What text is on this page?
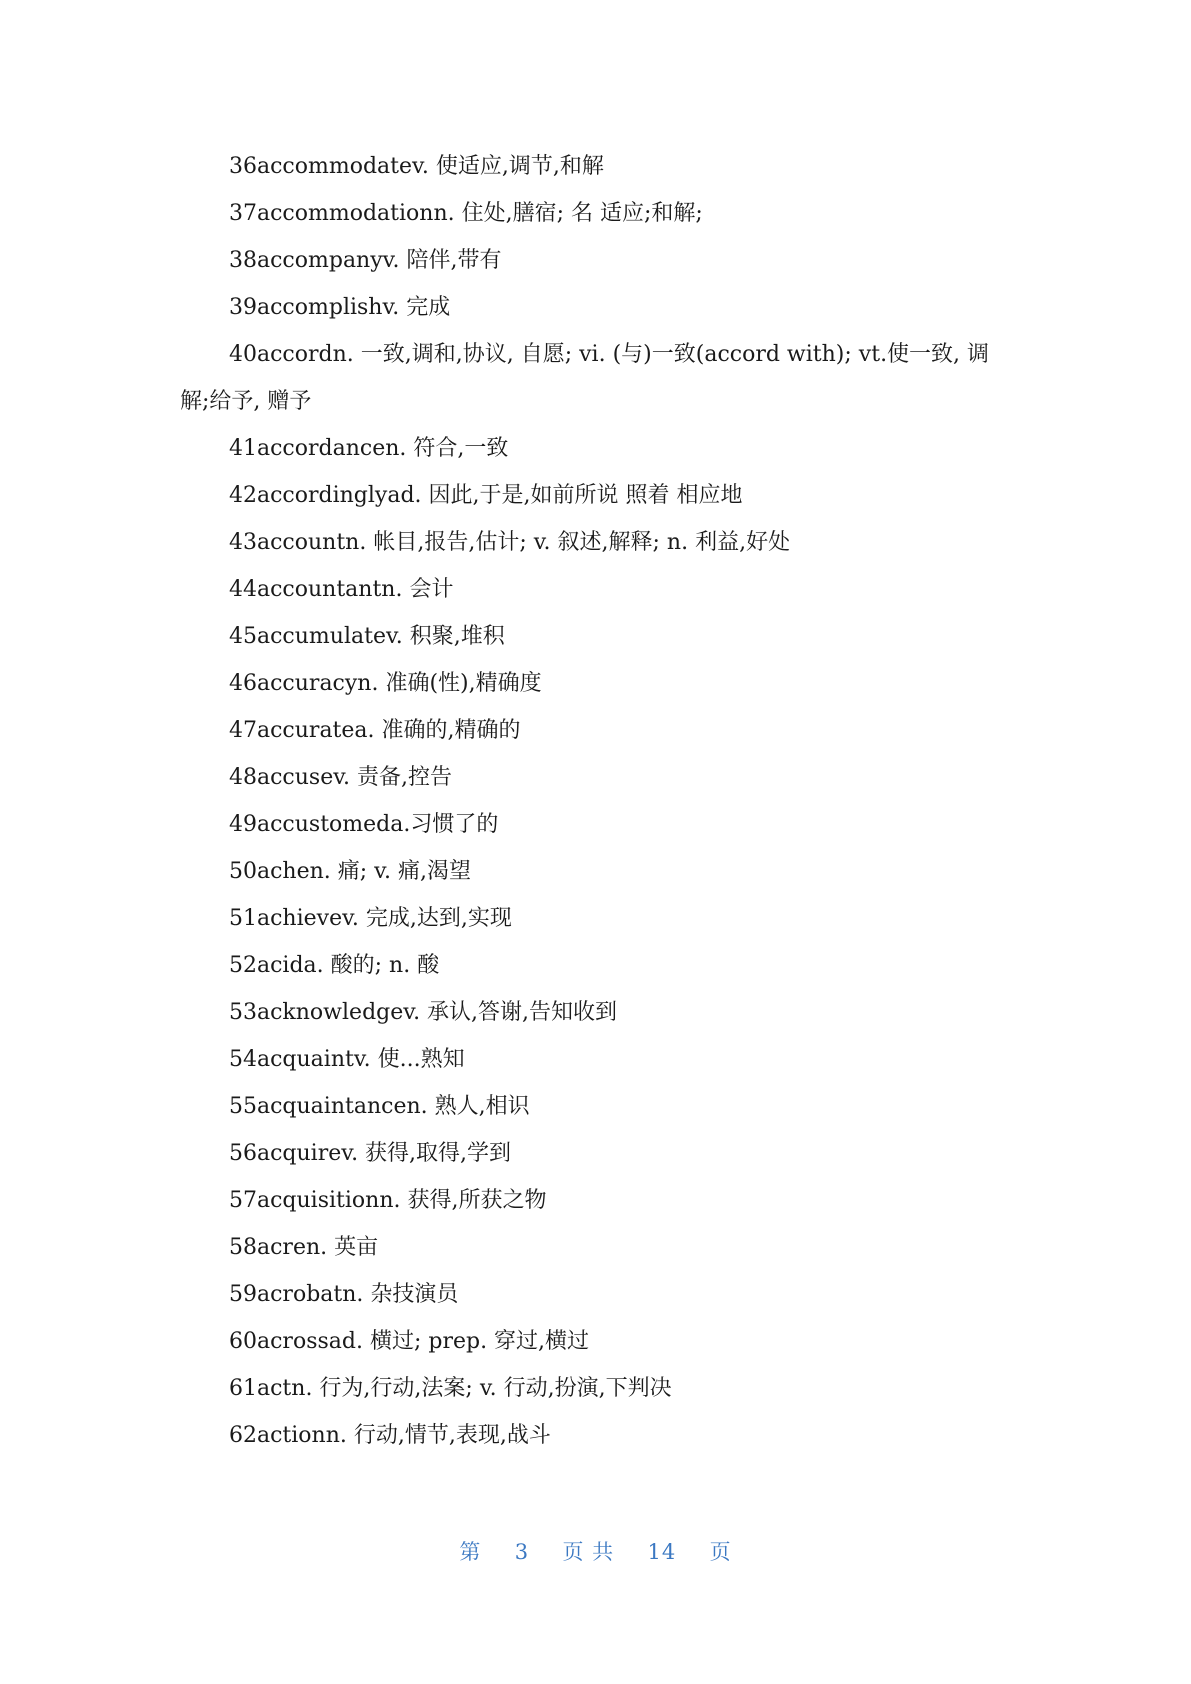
36accommodatev. 使适应,调节,和解
37accommodationn. 住处,膳宿; 名 适应;和解;
38accompanyv. 陪伴,带有
39accomplishv. 完成
40accordn. 一致,调和,协议, 自愿; vi. (与)一致(accord with); vt.使一致, 调解;给予, 赠予
41accordancen. 符合,一致
42accordinglyad. 因此,于是,如前所说 照着 相应地
43accountn. 帐目,报告,估计; v. 叙述,解释; n. 利益,好处
44accountantn. 会计
45accumulatev. 积聚,堆积
46accuracyn. 准确(性),精确度
47accuratea. 准确的,精确的
48accusev. 责备,控告
49accustomeda.习惯了的
50achen. 痛; v. 痛,渴望
51achievev. 完成,达到,实现
52acida. 酸的; n. 酸
53acknowledgev. 承认,答谢,告知收到
54acquaintv. 使...熟知
55acquaintancen. 熟人,相识
56acquirev. 获得,取得,学到
57acquisitionn. 获得,所获之物
58acren. 英亩
59acrobatn. 杂技演员
60acrossad. 横过; prep. 穿过,横过
61actn. 行为,行动,法案; v. 行动,扮演,下判决
62actionn. 行动,情节,表现,战斗
第 3 页 共 14 页
